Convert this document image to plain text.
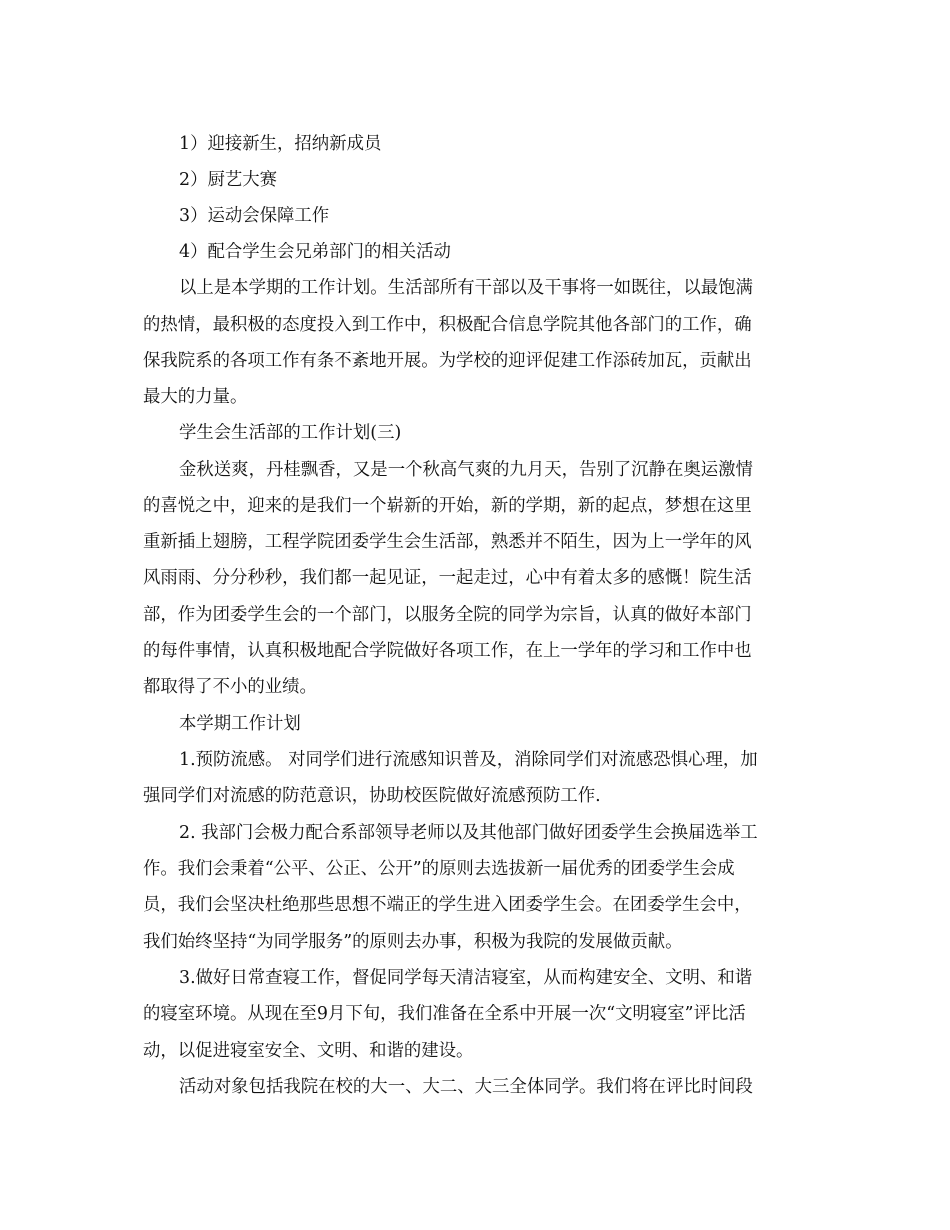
1）迎接新生，招纳新成员
2）厨艺大赛
3）运动会保障工作
4）配合学生会兄弟部门的相关活动
以上是本学期的工作计划。生活部所有干部以及干事将一如既往，以最饱满
的热情，最积极的态度投入到工作中，积极配合信息学院其他各部门的工作，确
保我院系的各项工作有条不紊地开展。为学校的迎评促建工作添砖加瓦，贡献出
最大的力量。
学生会生活部的工作计划(三)
金秋送爽，丹桂飘香，又是一个秋高气爽的九月天，告别了沉静在奥运激情
的喜悦之中，迎来的是我们一个崭新的开始，新的学期，新的起点，梦想在这里
重新插上翅膀，工程学院团委学生会生活部，熟悉并不陌生，因为上一学年的风
风雨雨、分分秒秒，我们都一起见证，一起走过，心中有着太多的感慨！院生活
部，作为团委学生会的一个部门，以服务全院的同学为宗旨，认真的做好本部门
的每件事情，认真积极地配合学院做好各项工作，在上一学年的学习和工作中也
都取得了不小的业绩。
本学期工作计划
1.预防流感。 对同学们进行流感知识普及，消除同学们对流感恐惧心理，加
强同学们对流感的防范意识，协助校医院做好流感预防工作.
2. 我部门会极力配合系部领导老师以及其他部门做好团委学生会换届选举工
作。我们会秉着“公平、公正、公开”的原则去选拔新一届优秀的团委学生会成
员，我们会坚决杜绝那些思想不端正的学生进入团委学生会。在团委学生会中，
我们始终坚持“为同学服务”的原则去办事，积极为我院的发展做贡献。
3.做好日常查寝工作，督促同学每天清洁寝室，从而构建安全、文明、和谐
的寝室环境。从现在至9月下旬，我们准备在全系中开展一次“文明寝室”评比活
动，以促进寝室安全、文明、和谐的建设。
活动对象包括我院在校的大一、大二、大三全体同学。我们将在评比时间段
